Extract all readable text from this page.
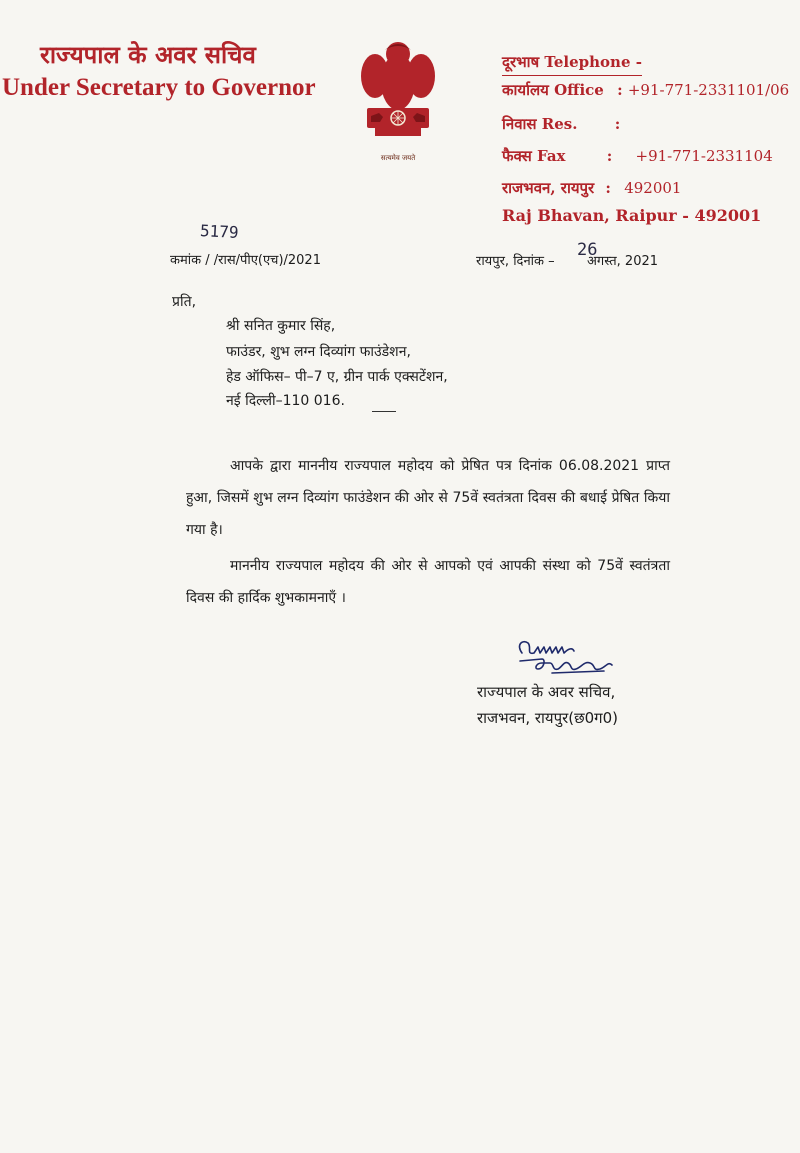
राज्यपाल के अवर सचिव
Under Secretary to Governor
सत्यमेव जयते
दूरभाष Telephone -
कार्यालय Office : +91-771-2331101/06
निवास Res. :
फैक्स Fax	: +91-771-2331104
राजभवन, रायपुर : 492001
Raj Bhavan, Raipur - 492001
5179
कमांक / /रास/पीए(एच)/2021	रायपुर, दिनांक – अगस्त, 2021
26
प्रति,
श्री सनित कुमार सिंह,
फाउंडर, शुभ लग्न दिव्यांग फाउंडेशन,
हेड ऑफिस– पी–7 ए, ग्रीन पार्क एक्सटेंशन,
नई दिल्ली–110 016.
आपके द्वारा माननीय राज्यपाल महोदय को प्रेषित पत्र दिनांक 06.08.2021 प्राप्त हुआ, जिसमें शुभ लग्न दिव्यांग फाउंडेशन की ओर से 75वें स्वतंत्रता दिवस की बधाई प्रेषित किया गया है।
माननीय राज्यपाल महोदय की ओर से आपको एवं आपकी संस्था को 75वें स्वतंत्रता दिवस की हार्दिक शुभकामनाएँ ।
राज्यपाल के अवर सचिव,
राजभवन, रायपुर(छ0ग0)
